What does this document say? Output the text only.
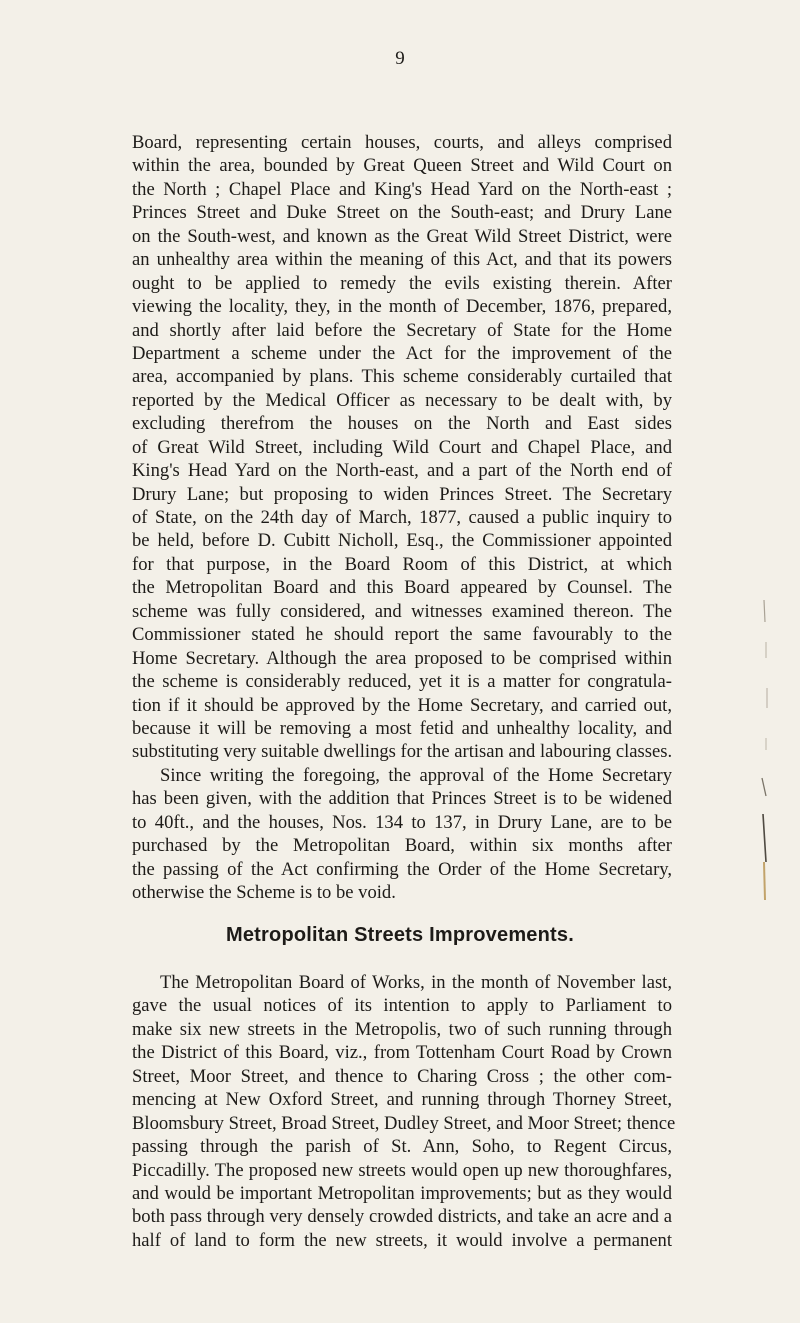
9
Board, representing certain houses, courts, and alleys comprised
within the area, bounded by Great Queen Street and Wild Court on
the North ; Chapel Place and King's Head Yard on the North-east ;
Princes Street and Duke Street on the South-east; and Drury Lane
on the South-west, and known as the Great Wild Street District, were
an unhealthy area within the meaning of this Act, and that its powers
ought to be applied to remedy the evils existing therein. After
viewing the locality, they, in the month of December, 1876, prepared,
and shortly after laid before the Secretary of State for the Home
Department a scheme under the Act for the improvement of the
area, accompanied by plans. This scheme considerably curtailed that
reported by the Medical Officer as necessary to be dealt with, by
excluding therefrom the houses on the North and East sides
of Great Wild Street, including Wild Court and Chapel Place, and
King's Head Yard on the North-east, and a part of the North end of
Drury Lane; but proposing to widen Princes Street. The Secretary
of State, on the 24th day of March, 1877, caused a public inquiry to
be held, before D. Cubitt Nicholl, Esq., the Commissioner appointed
for that purpose, in the Board Room of this District, at which
the Metropolitan Board and this Board appeared by Counsel. The
scheme was fully considered, and witnesses examined thereon. The
Commissioner stated he should report the same favourably to the
Home Secretary. Although the area proposed to be comprised within
the scheme is considerably reduced, yet it is a matter for congratula-
tion if it should be approved by the Home Secretary, and carried out,
because it will be removing a most fetid and unhealthy locality, and
substituting very suitable dwellings for the artisan and labouring classes.
Since writing the foregoing, the approval of the Home Secretary
has been given, with the addition that Princes Street is to be widened
to 40ft., and the houses, Nos. 134 to 137, in Drury Lane, are to be
purchased by the Metropolitan Board, within six months after
the passing of the Act confirming the Order of the Home Secretary,
otherwise the Scheme is to be void.
Metropolitan Streets Improvements.
The Metropolitan Board of Works, in the month of November last,
gave the usual notices of its intention to apply to Parliament to
make six new streets in the Metropolis, two of such running through
the District of this Board, viz., from Tottenham Court Road by Crown
Street, Moor Street, and thence to Charing Cross ; the other com-
mencing at New Oxford Street, and running through Thorney Street,
Bloomsbury Street, Broad Street, Dudley Street, and Moor Street; thence
passing through the parish of St. Ann, Soho, to Regent Circus,
Piccadilly. The proposed new streets would open up new thoroughfares,
and would be important Metropolitan improvements; but as they would
both pass through very densely crowded districts, and take an acre and a
half of land to form the new streets, it would involve a permanent
